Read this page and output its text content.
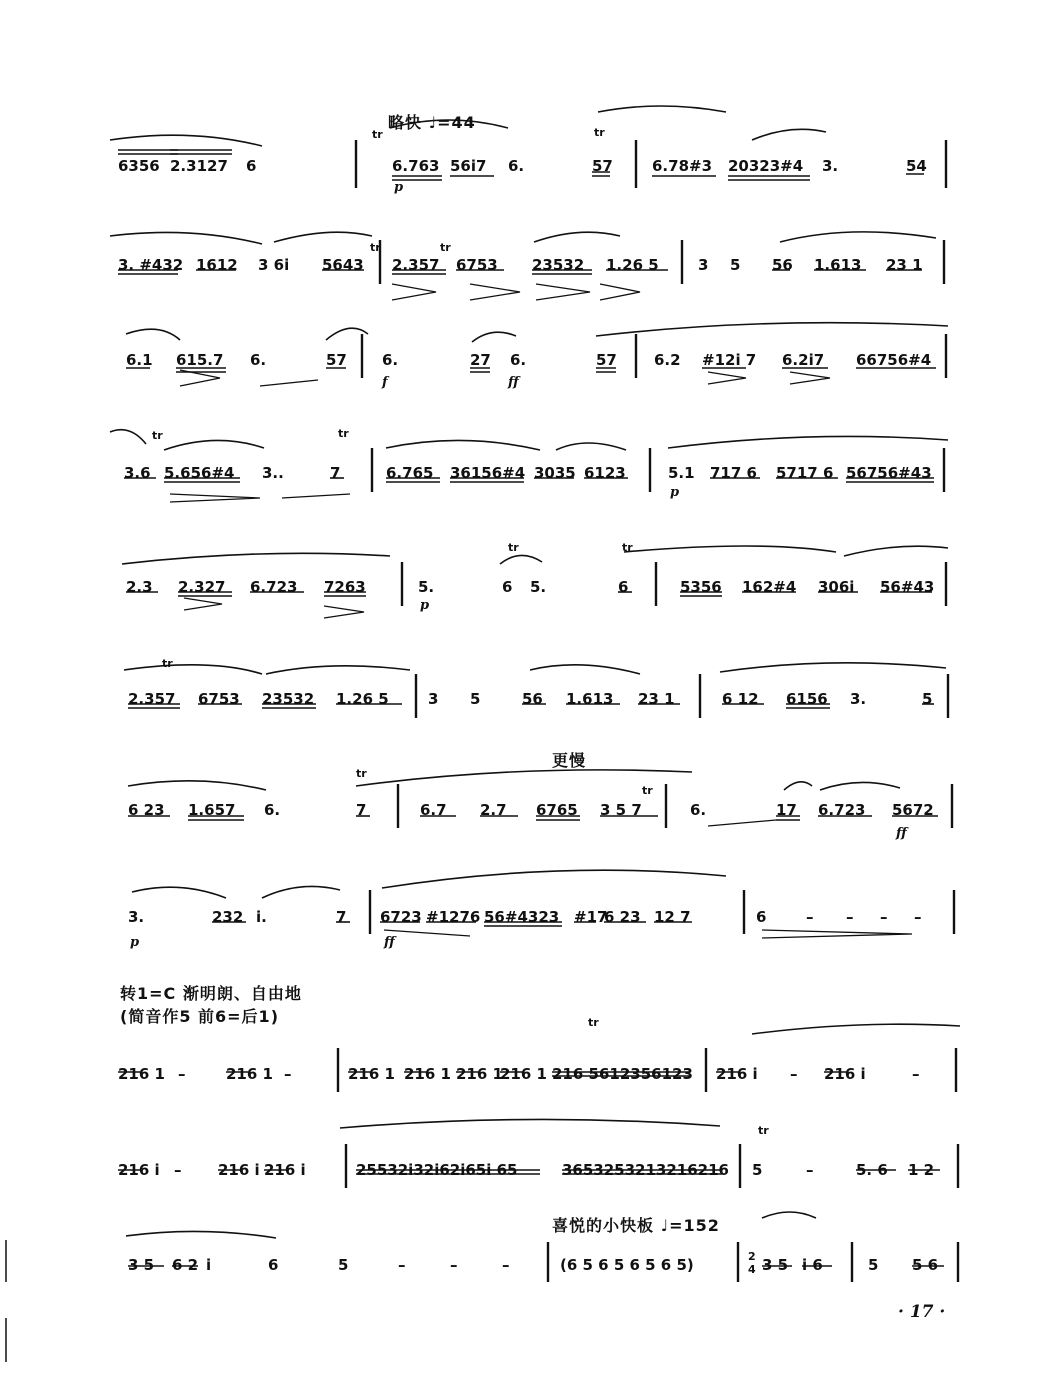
略快 ♩=44
更慢
转1=C 渐明朗、自由地
(简音作5 前6=后1)
喜悦的小快板 ♩=152
tr	tr
tr	tr
tr	tr
tr	tr
tr
tr
tr
tr
tr
p
f	ff
p
p
ff
p	ff
2
4
· 17 ·
6356 2.3127 6	6.763 56i7 6.	57	6.78#3 20323#4 3.	54
3. #432 1612 3 6i 5643 2.357 6753 23532 1.26 5	3 5 56 1.613 23 1
6.1 615.7 6.	57 6.	27 6.	57 6.2 #12i 7 6.2i7 66756#4
3.6 5.656#4 3..	7	6.765 36156#4 3035 6123	5.1 717 6 5717 6 56756#43
2.3 2.327 6.723 7263	5.	6 5.	6	5356 162#4 306i 56#43
2.357 6753 23532 1.26 5	3 5	56 1.613 23 1	6 12 6156 3.	5
6 23 1.657 6.	7	6.7 2.7 6765 3 5 7	6.	17 6.723 5672
3.	232 i.	7 6723 #1276 56#4323 #17
6 23 12 7	6	– – – –
216 1 –	216 1 –	216 1 216 1 216 1
216 1 216 5612356123 216 i – 216 i	–
216 i – 216 i 216 i	25532i32i62i65i 65	3653253213216216 5	–	5. 6 1 2
3 5 6 2 i	6	5	–	–	–	(6 5 6 5 6 5 6 5)	3 5 i 6	5 5 6
